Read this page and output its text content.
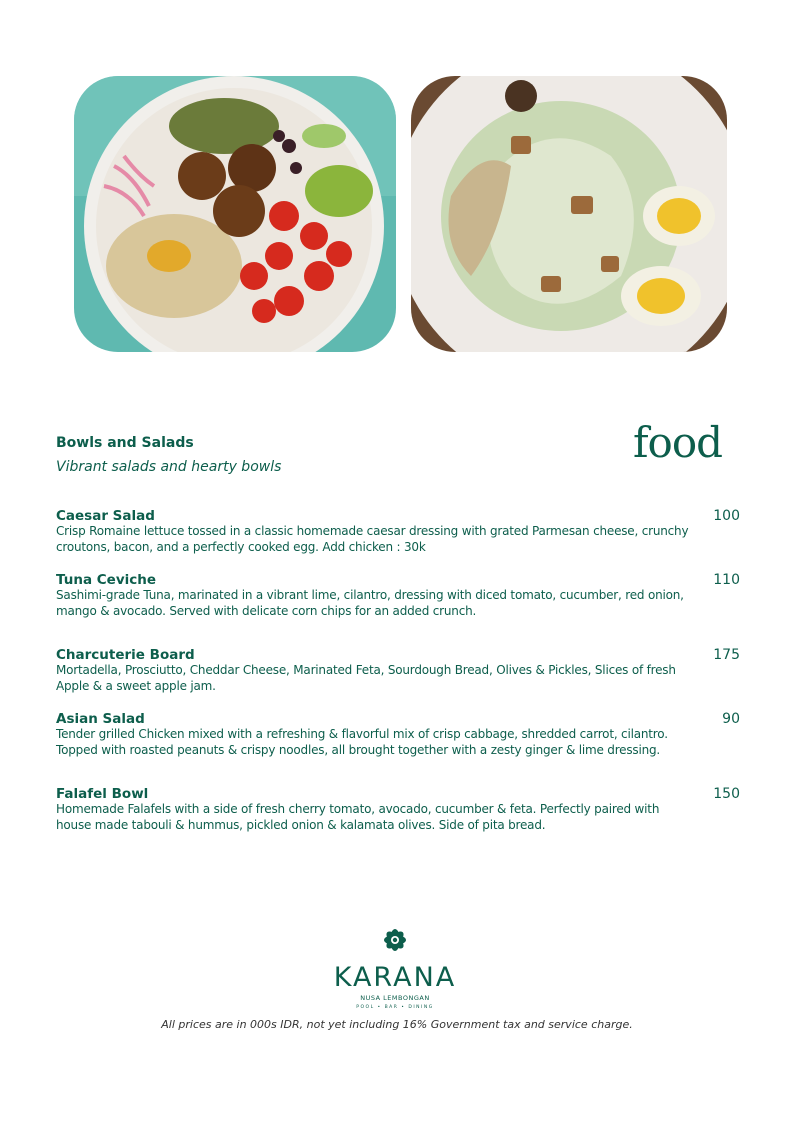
Bowls and Salads
Vibrant salads and hearty bowls	food
Caesar Salad
Crisp Romaine lettuce tossed in a classic homemade caesar dressing with grated Parmesan cheese, crunchy croutons, bacon, and a perfectly cooked egg. Add chicken : 30k
100
Tuna Ceviche
Sashimi-grade Tuna, marinated in a vibrant lime, cilantro, dressing with diced tomato, cucumber, red onion, mango & avocado. Served with delicate corn chips for an added crunch.
110
Charcuterie Board
Mortadella, Prosciutto, Cheddar Cheese, Marinated Feta, Sourdough Bread, Olives & Pickles, Slices of fresh Apple & a sweet apple jam.
175
Asian Salad
Tender grilled Chicken mixed with a refreshing & flavorful mix of crisp cabbage, shredded carrot, cilantro. Topped with roasted peanuts & crispy noodles, all brought together with a zesty ginger & lime dressing.
90
Falafel Bowl
Homemade Falafels with a side of fresh cherry tomato, avocado, cucumber & feta. Perfectly paired with house made tabouli & hummus, pickled onion & kalamata olives. Side of pita bread.
150
KARANA
NUSA LEMBONGAN
POOL • BAR • DINING
All prices are in 000s IDR, not yet including 16% Government tax and service charge.
